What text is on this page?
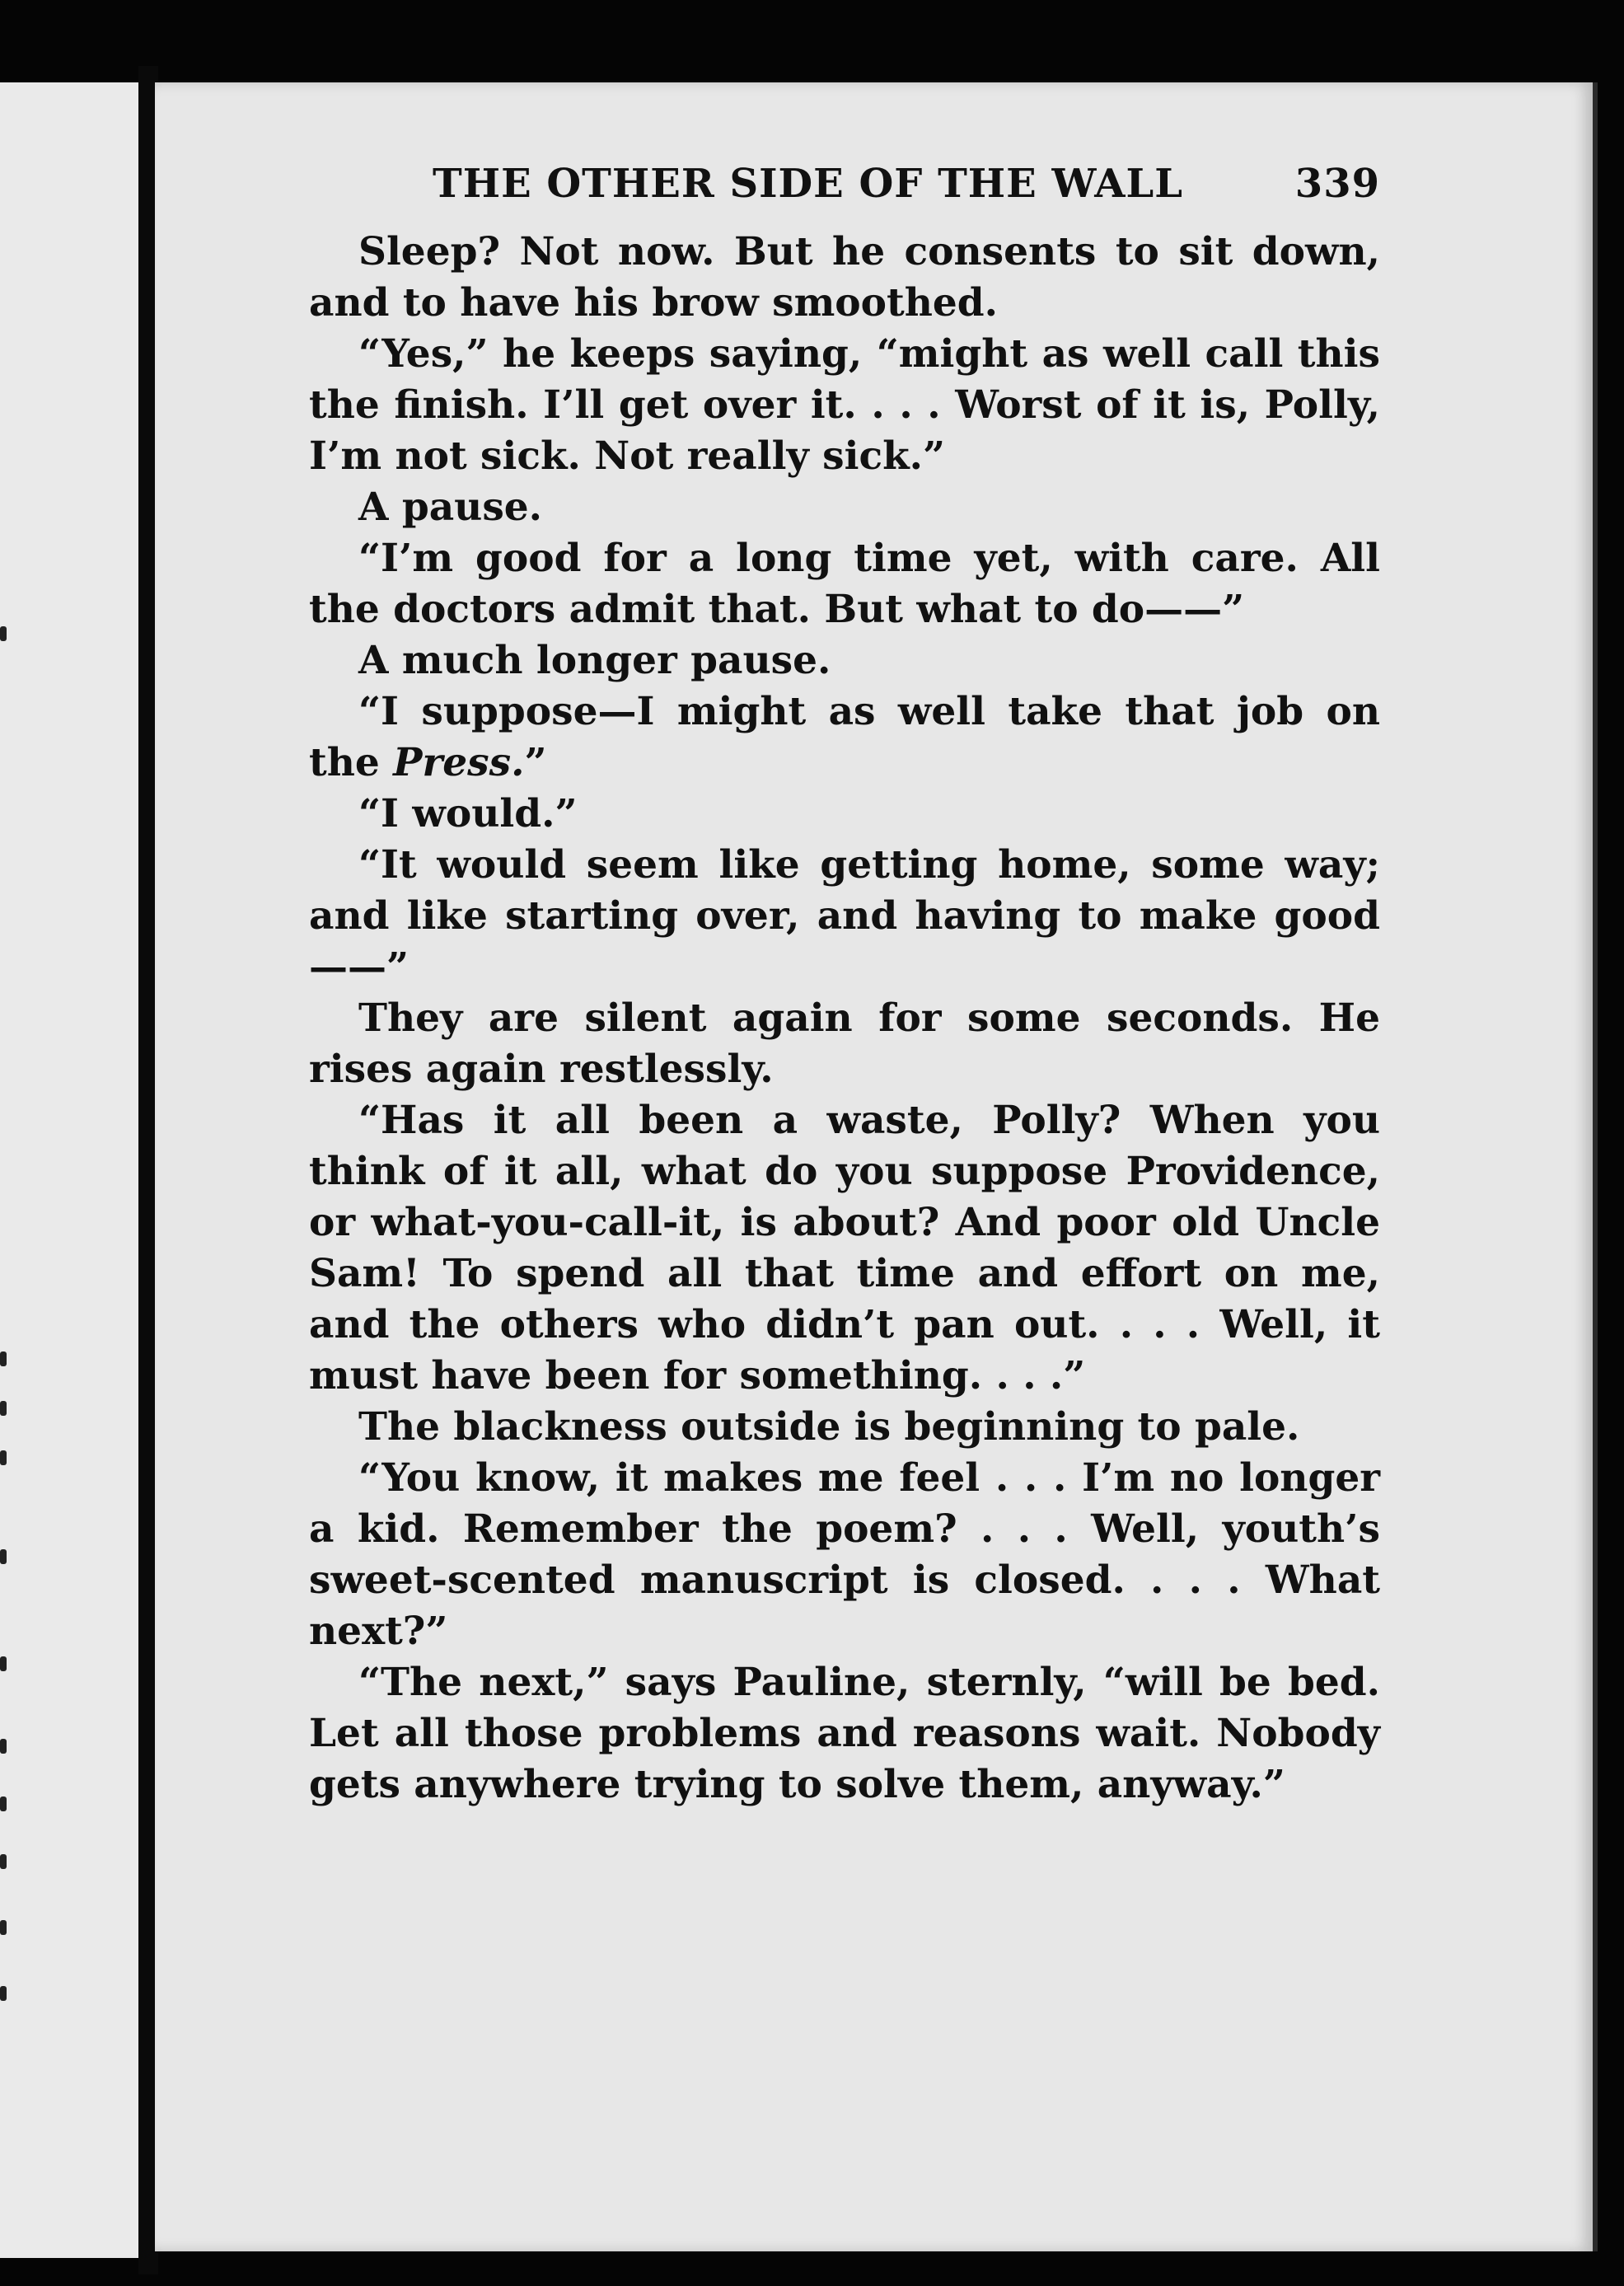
THE OTHER SIDE OF THE WALL	339

Sleep? Not now. But he consents to sit down, and to have his brow smoothed.

“Yes,” he keeps saying, “might as well call this the finish. I’ll get over it. . . . Worst of it is, Polly, I’m not sick. Not really sick.”

A pause.

“I’m good for a long time yet, with care. All the doctors admit that. But what to do——”

A much longer pause.

“I suppose—I might as well take that job on the Press.”

“I would.”

“It would seem like getting home, some way; and like starting over, and having to make good——”

They are silent again for some seconds. He rises again restlessly.

“Has it all been a waste, Polly? When you think of it all, what do you suppose Providence, or what-you-call-it, is about? And poor old Uncle Sam! To spend all that time and effort on me, and the others who didn’t pan out. . . . Well, it must have been for something. . . .”

The blackness outside is beginning to pale.

“You know, it makes me feel . . . I’m no longer a kid. Remember the poem? . . . Well, youth’s sweet-scented manuscript is closed. . . . What next?”

“The next,” says Pauline, sternly, “will be bed. Let all those problems and reasons wait. Nobody gets anywhere trying to solve them, anyway.”
